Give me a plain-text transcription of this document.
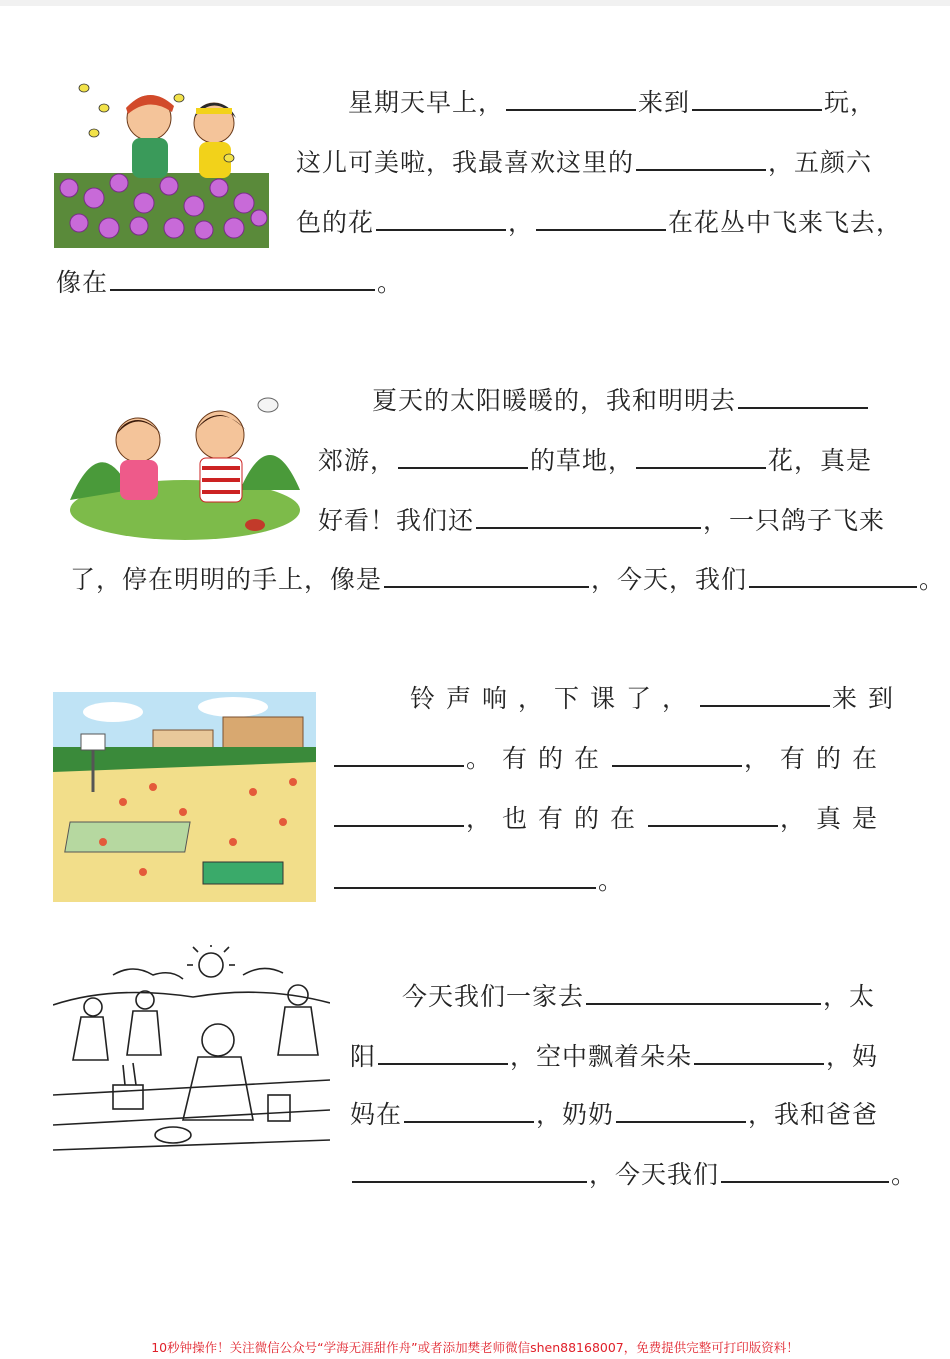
星期天早上，	来到	玩，
这儿可美啦，我最喜欢这里的	，五颜六
色的花	，	在花丛中飞来飞去，
像在	。
夏天的太阳暖暖的，我和明明去
郊游，	的草地，	花，真是
好看！我们还	，一只鸽子飞来
了，停在明明的手上，像是	，今天，我们	。
铃声响，下课了，	来到
。有的在	，有的在
，也有的在	，真是
。
今天我们一家去	，太
阳	，空中飘着朵朵	，妈
妈在	，奶奶	，我和爸爸
，今天我们	。
10秒钟操作！关注微信公众号“学海无涯甜作舟”或者添加樊老师微信shen88168007，免费提供完整可打印版资料！
